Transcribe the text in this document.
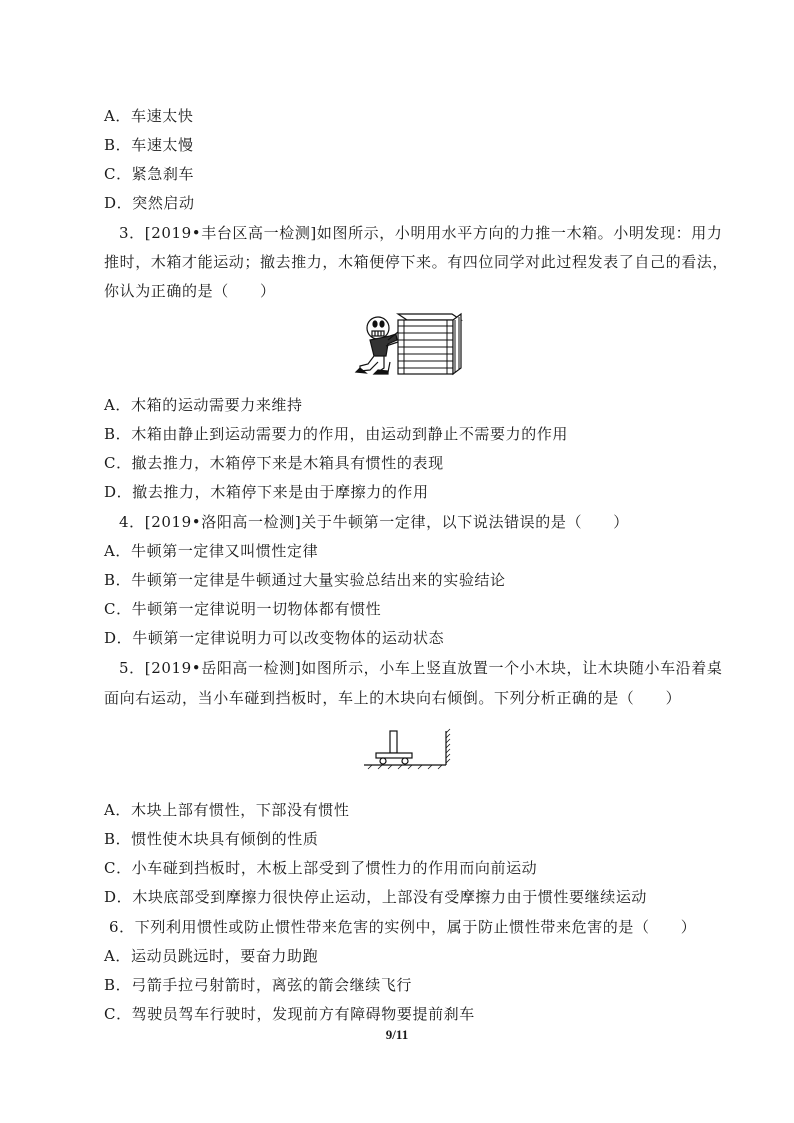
A．车速太快
B．车速太慢
C．紧急刹车
D．突然启动
3．[2019•丰台区高一检测]如图所示，小明用水平方向的力推一木箱。小明发现：用力
推时，木箱才能运动；撤去推力，木箱便停下来。有四位同学对此过程发表了自己的看法，
你认为正确的是（　　）
A．木箱的运动需要力来维持
B．木箱由静止到运动需要力的作用，由运动到静止不需要力的作用
C．撤去推力，木箱停下来是木箱具有惯性的表现
D．撤去推力，木箱停下来是由于摩擦力的作用
4．[2019•洛阳高一检测]关于牛顿第一定律，以下说法错误的是（　　）
A．牛顿第一定律又叫惯性定律
B．牛顿第一定律是牛顿通过大量实验总结出来的实验结论
C．牛顿第一定律说明一切物体都有惯性
D．牛顿第一定律说明力可以改变物体的运动状态
5．[2019•岳阳高一检测]如图所示，小车上竖直放置一个小木块，让木块随小车沿着桌
面向右运动，当小车碰到挡板时，车上的木块向右倾倒。下列分析正确的是（　　）
A．木块上部有惯性，下部没有惯性
B．惯性使木块具有倾倒的性质
C．小车碰到挡板时，木板上部受到了惯性力的作用而向前运动
D．木块底部受到摩擦力很快停止运动，上部没有受摩擦力由于惯性要继续运动
6．下列利用惯性或防止惯性带来危害的实例中，属于防止惯性带来危害的是（　　）
A．运动员跳远时，要奋力助跑
B．弓箭手拉弓射箭时，离弦的箭会继续飞行
C．驾驶员驾车行驶时，发现前方有障碍物要提前刹车
9/11
